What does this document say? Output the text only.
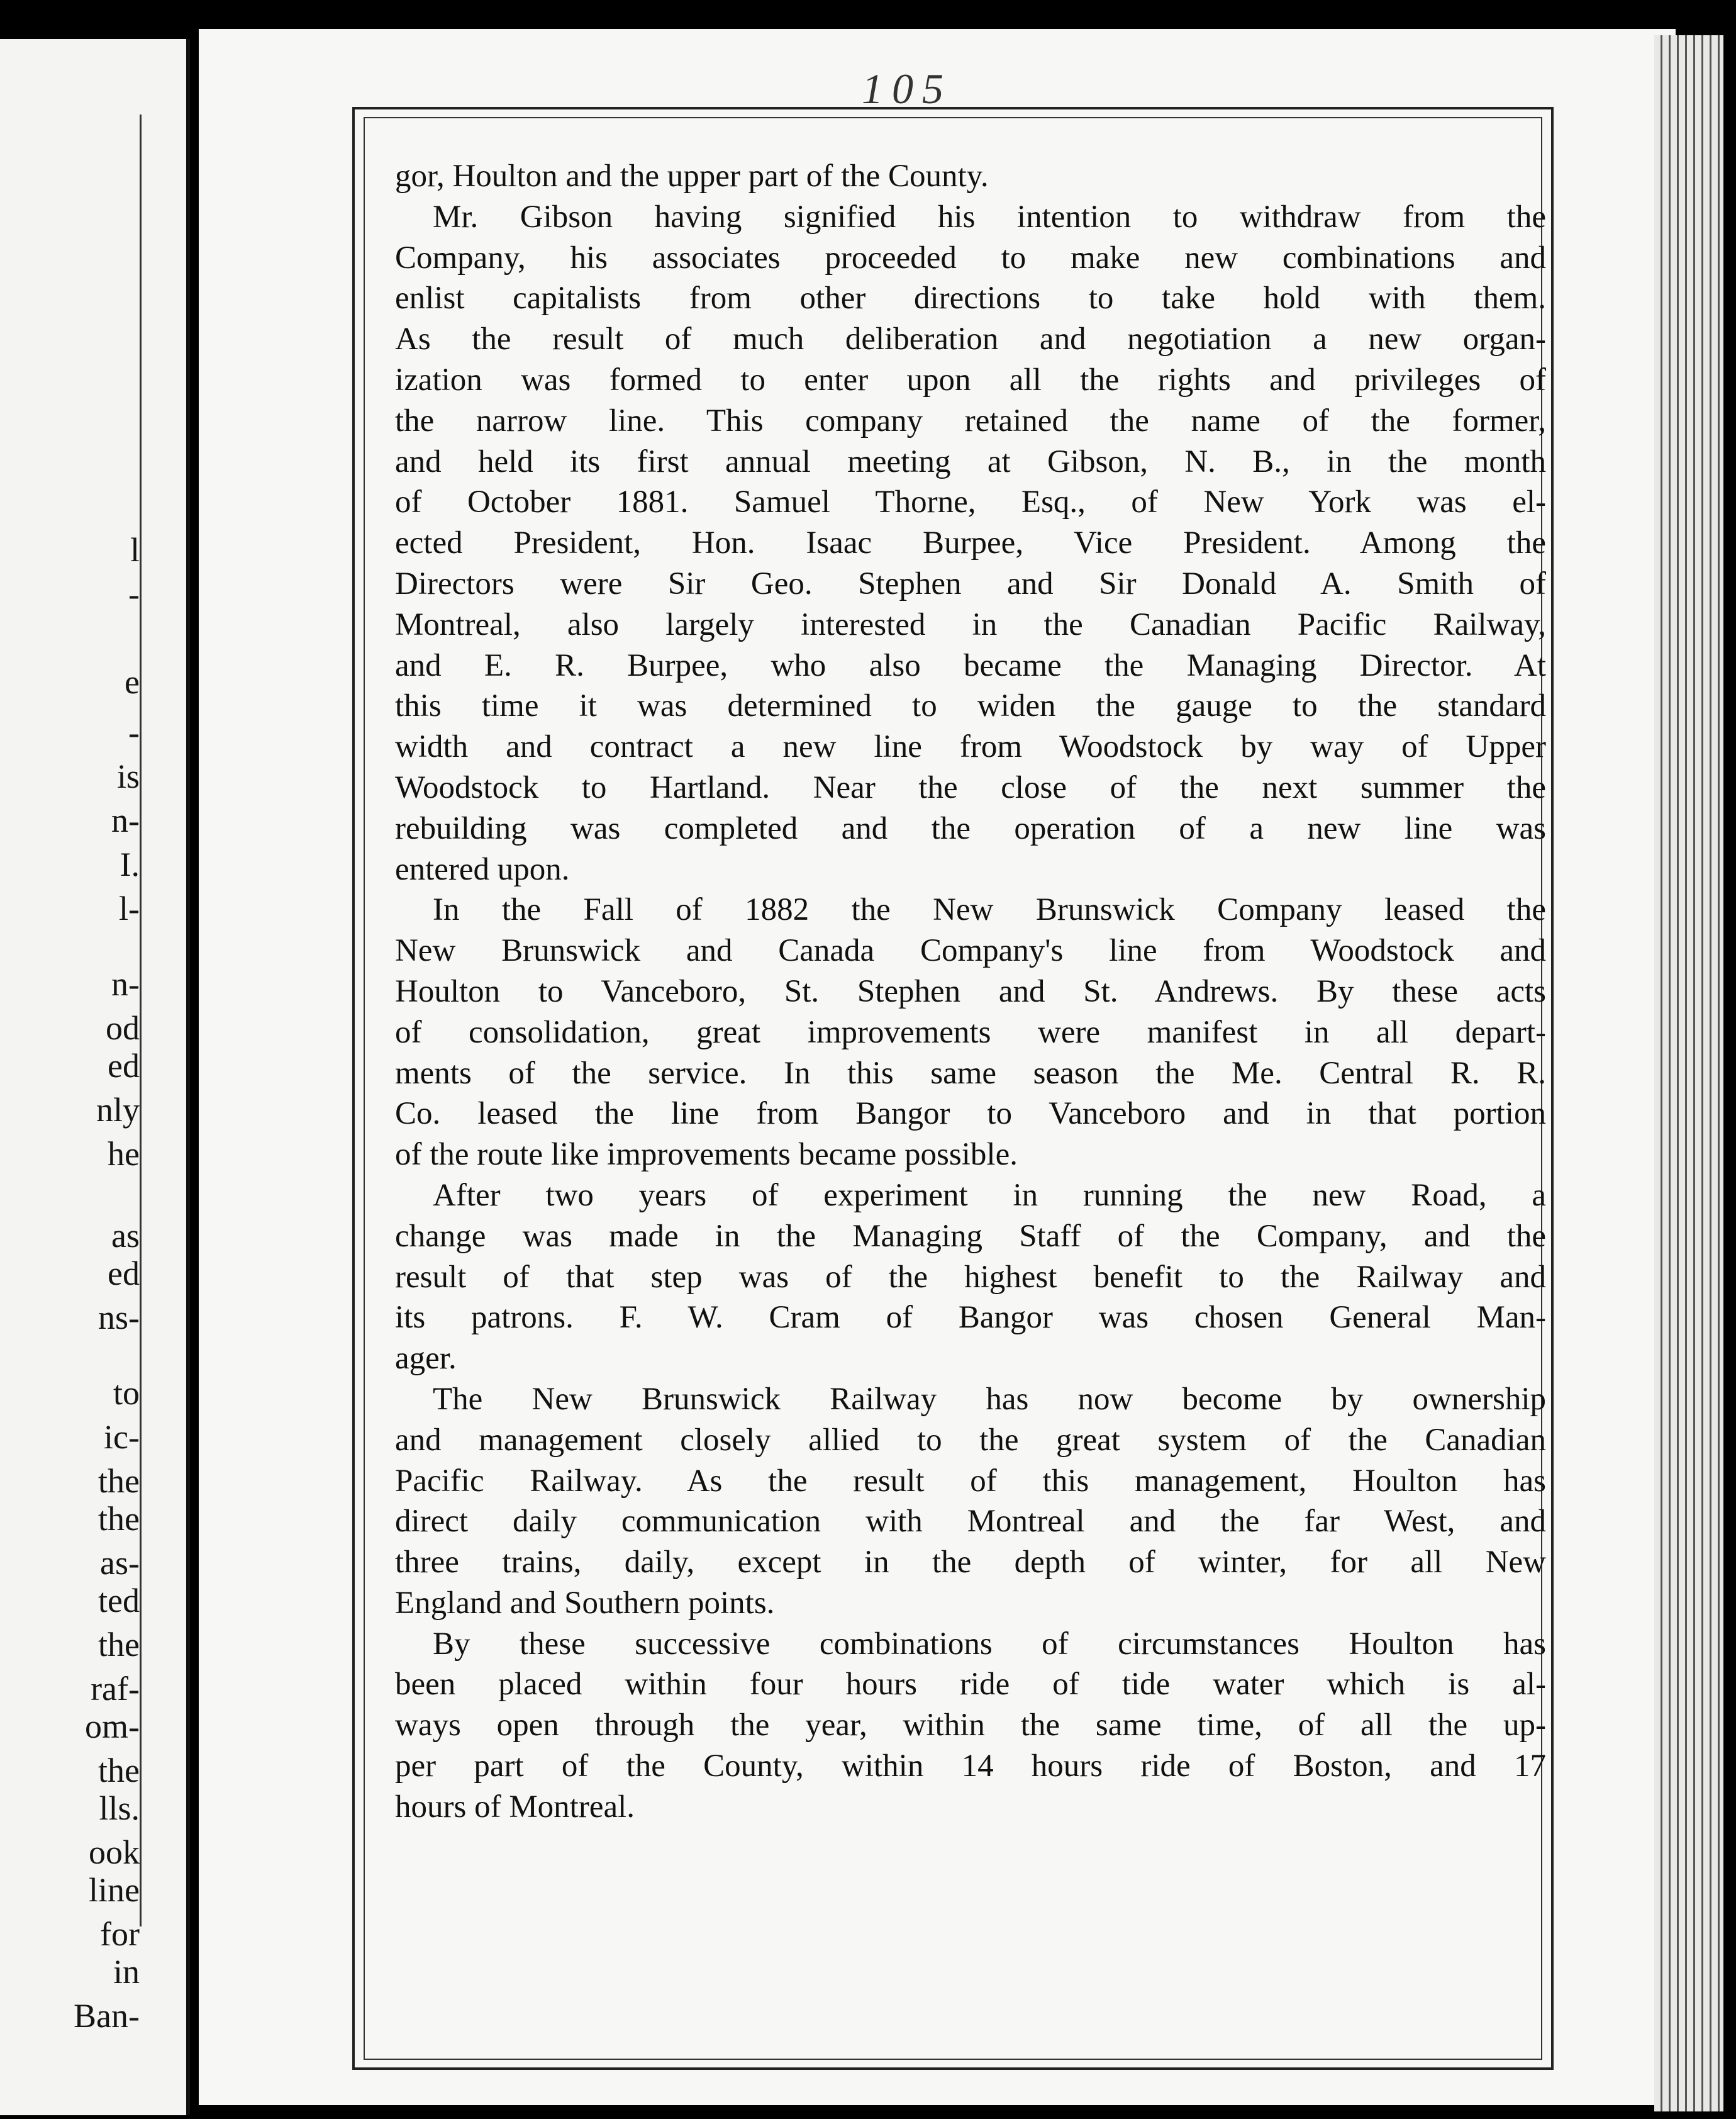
l
-
e
-
is
n-
I.
l-
n-
od
ed
nly
he
as
ed
ns-
to
ic-
the
the
as-
ted
the
raf-
om-
the
lls.
ook
line
for
in
Ban-
105
gor, Houlton and the upper part of the County.
Mr. Gibson having signified his intention to withdraw from the
Company, his associates proceeded to make new combinations and
enlist capitalists from other directions to take hold with them.
As the result of much deliberation and negotiation a new organ-
ization was formed to enter upon all the rights and privileges of
the narrow line. This company retained the name of the former,
and held its first annual meeting at Gibson, N. B., in the month
of October 1881. Samuel Thorne, Esq., of New York was el-
ected President, Hon. Isaac Burpee, Vice President. Among the
Directors were Sir Geo. Stephen and Sir Donald A. Smith of
Montreal, also largely interested in the Canadian Pacific Railway,
and E. R. Burpee, who also became the Managing Director. At
this time it was determined to widen the gauge to the standard
width and contract a new line from Woodstock by way of Upper
Woodstock to Hartland. Near the close of the next summer the
rebuilding was completed and the operation of a new line was
entered upon.
In the Fall of 1882 the New Brunswick Company leased the
New Brunswick and Canada Company's line from Woodstock and
Houlton to Vanceboro, St. Stephen and St. Andrews. By these acts
of consolidation, great improvements were manifest in all depart-
ments of the service. In this same season the Me. Central R. R.
Co. leased the line from Bangor to Vanceboro and in that portion
of the route like improvements became possible.
After two years of experiment in running the new Road, a
change was made in the Managing Staff of the Company, and the
result of that step was of the highest benefit to the Railway and
its patrons. F. W. Cram of Bangor was chosen General Man-
ager.
The New Brunswick Railway has now become by ownership
and management closely allied to the great system of the Canadian
Pacific Railway. As the result of this management, Houlton has
direct daily communication with Montreal and the far West, and
three trains, daily, except in the depth of winter, for all New
England and Southern points.
By these successive combinations of circumstances Houlton has
been placed within four hours ride of tide water which is al-
ways open through the year, within the same time, of all the up-
per part of the County, within 14 hours ride of Boston, and 17
hours of Montreal.
